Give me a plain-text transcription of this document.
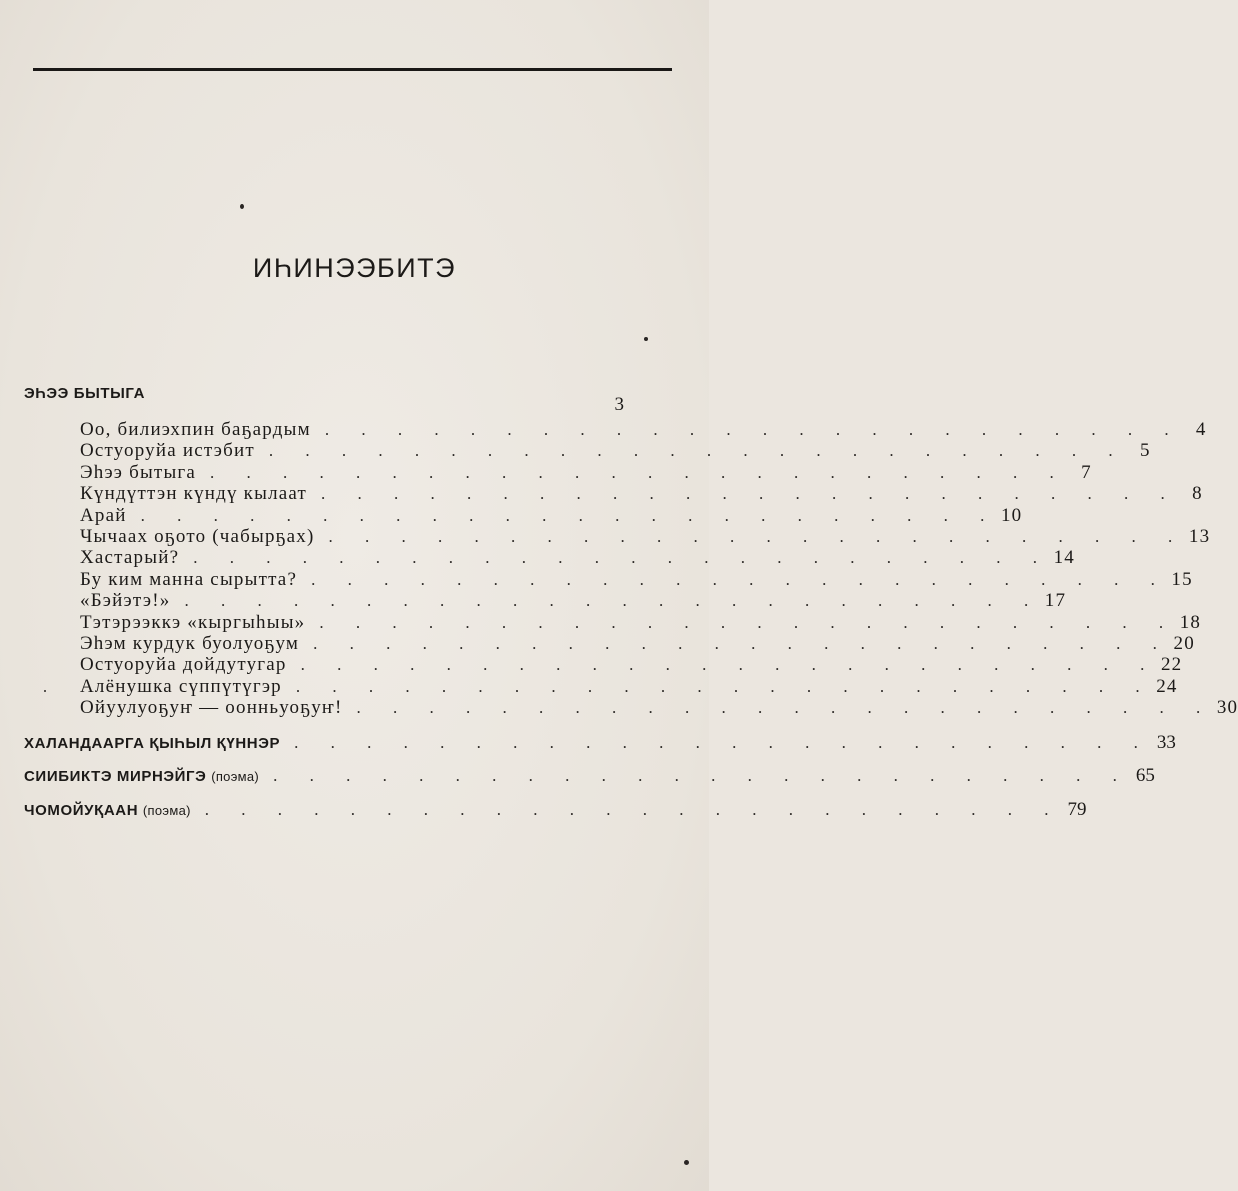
ИҺИНЭЭБИТЭ
ЭҺЭЭ БЫТЫГА
3
Оо, билиэхпин баҕардым . . . . . . . . . . . . . . . . . . . . . . . . 4
Остуоруйа истэбит . . . . . . . . . . . . . . . . . . . . . . . . 5
Эһээ бытыга . . . . . . . . . . . . . . . . . . . . . . . . 7
Күндүттэн күндү кылаат . . . . . . . . . . . . . . . . . . . . . . . . 8
Арай . . . . . . . . . . . . . . . . . . . . . . . . 10
Чычаах оҕото (чабырҕах) . . . . . . . . . . . . . . . . . . . . . . . . 13
Хастарый? . . . . . . . . . . . . . . . . . . . . . . . . 14
Бу ким манна сырытта? . . . . . . . . . . . . . . . . . . . . . . . . 15
«Бэйэтэ!» . . . . . . . . . . . . . . . . . . . . . . . . 17
Тэтэрээккэ «кыргыһыы» . . . . . . . . . . . . . . . . . . . . . . . . 18
Эһэм курдук буолуоҕум . . . . . . . . . . . . . . . . . . . . . . . . 20
Остуоруйа дойдутугар . . . . . . . . . . . . . . . . . . . . . . . . 22
Алёнушка сүппүтүгэр . . . . . . . . . . . . . . . . . . . . . . . . 24
Ойуулуоҕуҥ — оонньуоҕуҥ! . . . . . . . . . . . . . . . . . . . . . . . . 30
ХАЛАНДААРГА ҚЫҺЫЛ ҚҮННЭР . . . . . . . . . . . . . . . . . . . . . . . . 33
СИИБИКТЭ МИРНЭЙГЭ (поэма) . . . . . . . . . . . . . . . . . . . . . . . . 65
ЧОМОЙУҚААН (поэма) . . . . . . . . . . . . . . . . . . . . . . . . 79
